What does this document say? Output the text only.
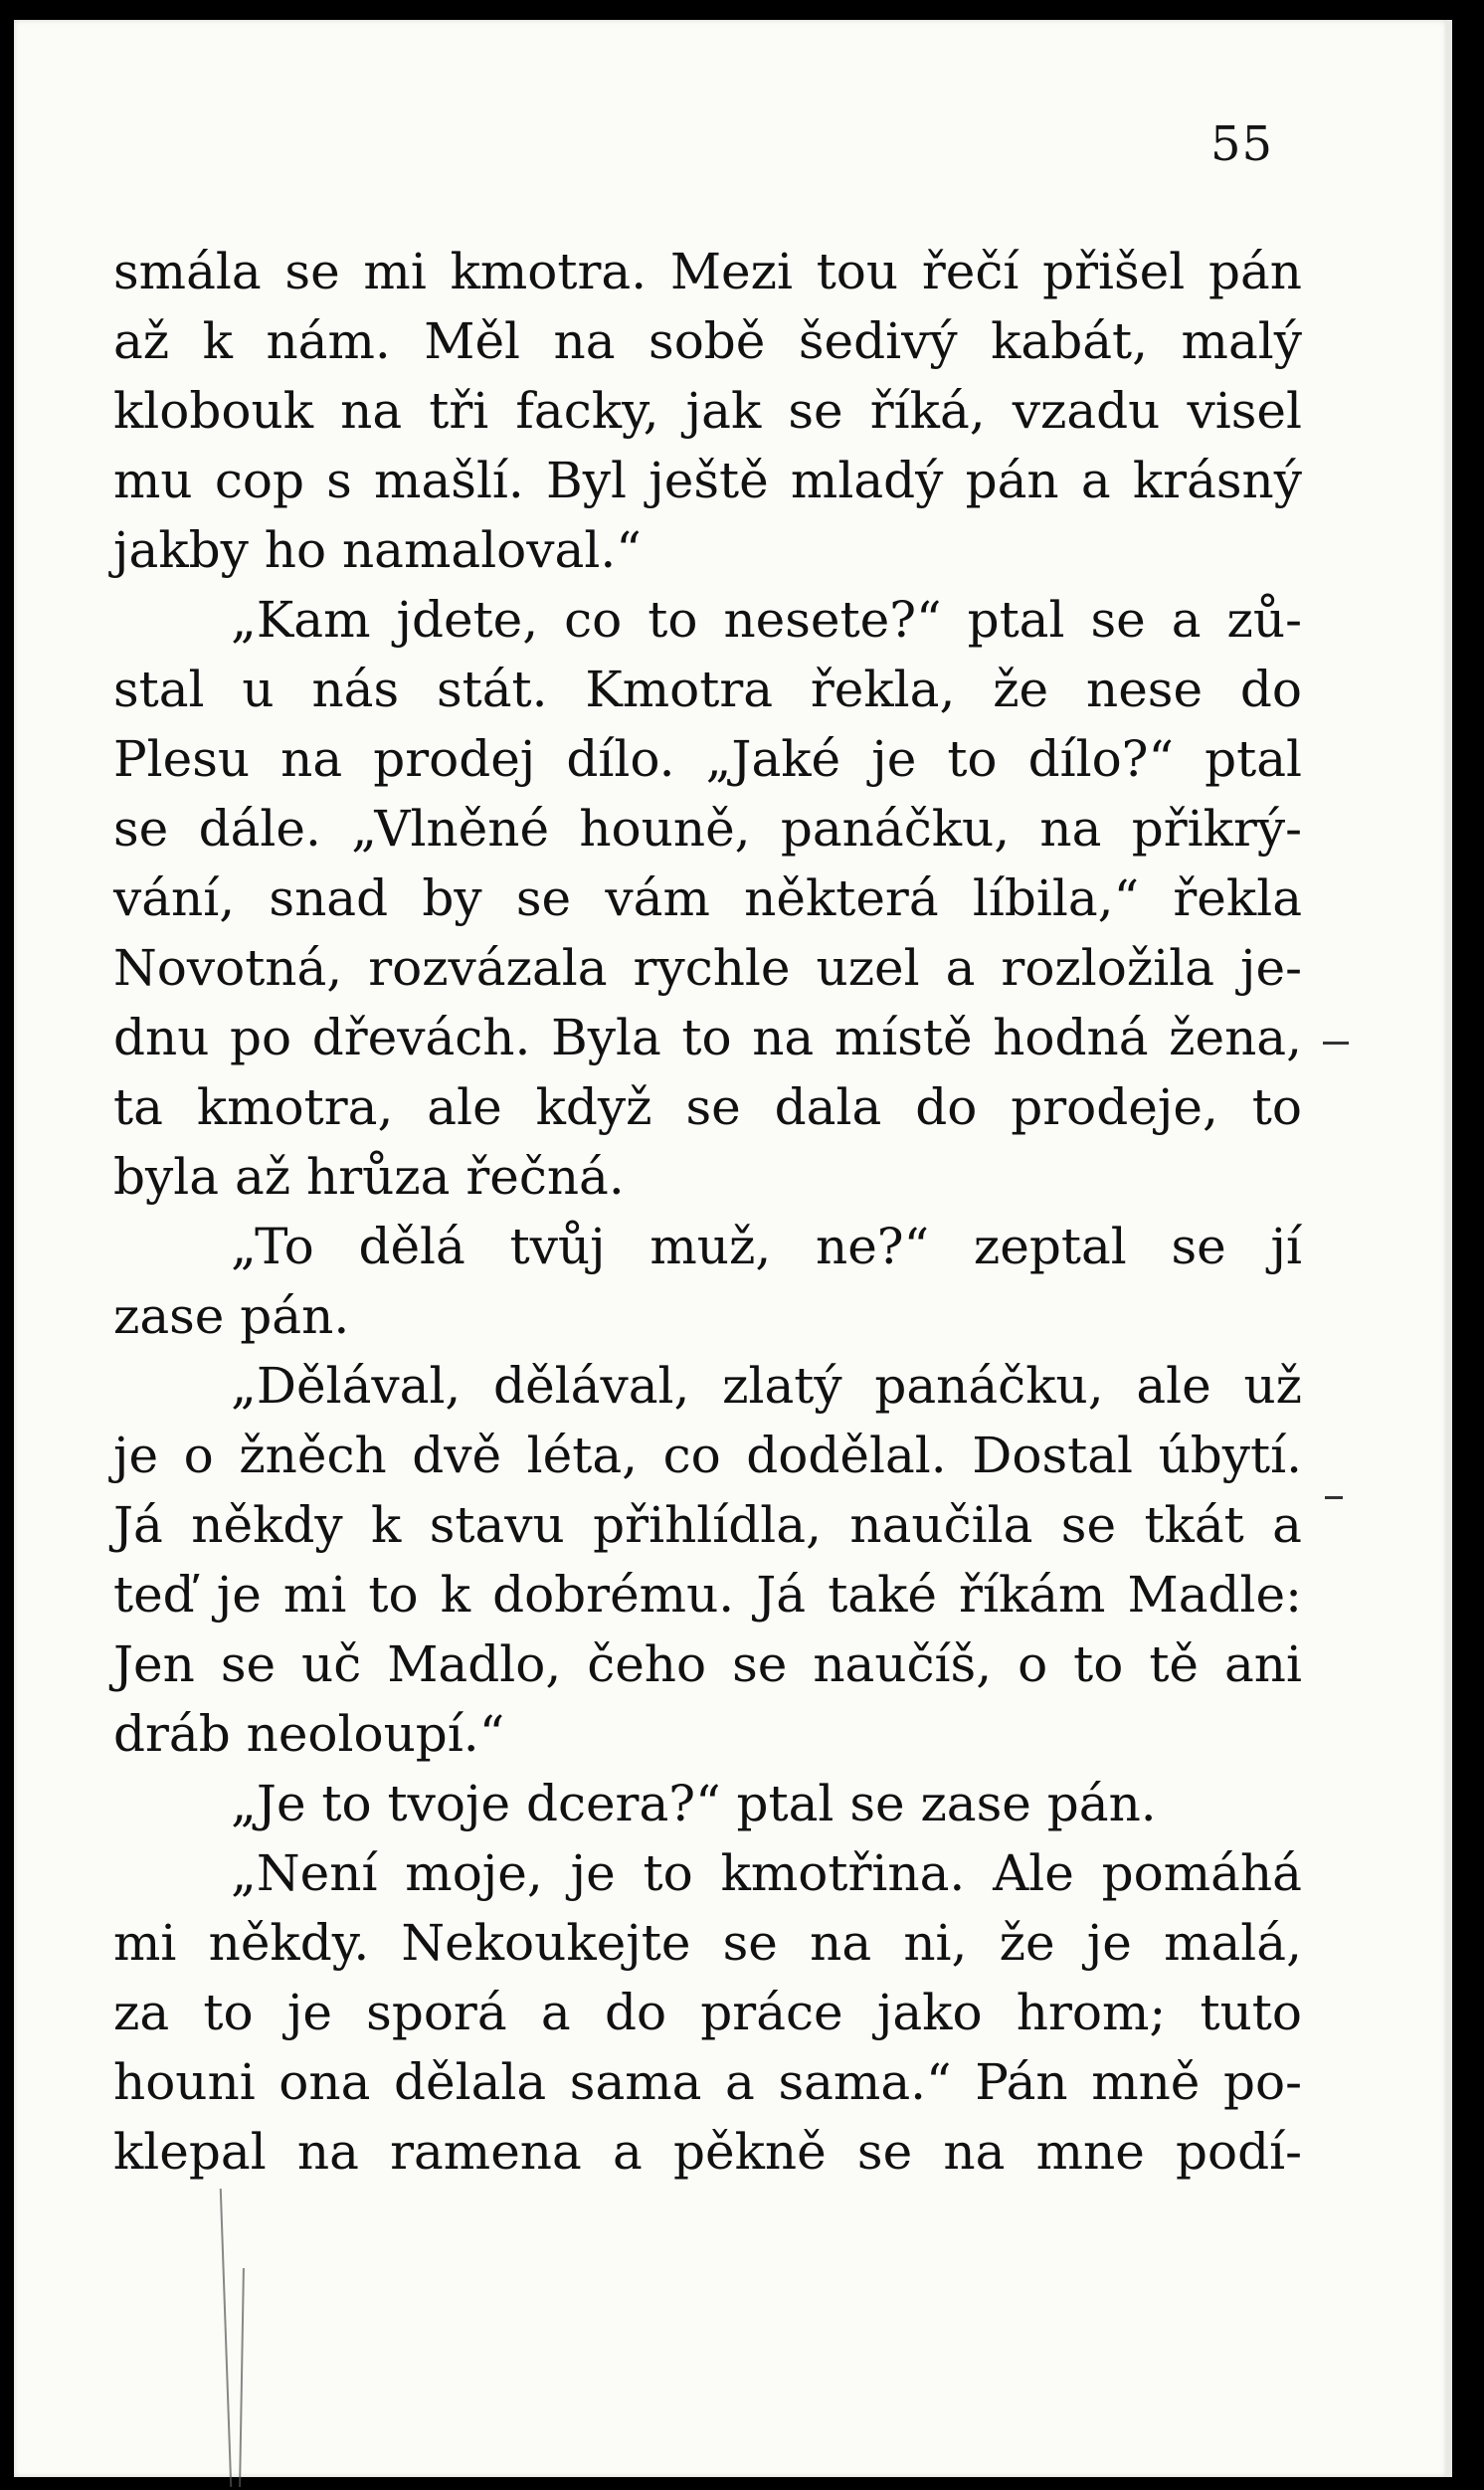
55
smála se mi kmotra. Mezi tou řečí přišel pán
až k nám. Měl na sobě šedivý kabát, malý
klobouk na tři facky, jak se říká, vzadu visel
mu cop s mašlí. Byl ještě mladý pán a krásný
jakby ho namaloval.“
„Kam jdete, co to nesete?“ ptal se a zů-
stal u nás stát. Kmotra řekla, že nese do
Plesu na prodej dílo. „Jaké je to dílo?“ ptal
se dále. „Vlněné houně, panáčku, na přikrý-
vání, snad by se vám některá líbila,“ řekla
Novotná, rozvázala rychle uzel a rozložila je-
dnu po dřevách. Byla to na místě hodná žena,
ta kmotra, ale když se dala do prodeje, to
byla až hrůza řečná.
„To dělá tvůj muž, ne?“ zeptal se jí
zase pán.
„Dělával, dělával, zlatý panáčku, ale už
je o žněch dvě léta, co dodělal. Dostal úbytí.
Já někdy k stavu přihlídla, naučila se tkát a
teď je mi to k dobrému. Já také říkám Madle:
Jen se uč Madlo, čeho se naučíš, o to tě ani
dráb neoloupí.“
„Je to tvoje dcera?“ ptal se zase pán.
„Není moje, je to kmotřina. Ale pomáhá
mi někdy. Nekoukejte se na ni, že je malá,
za to je sporá a do práce jako hrom; tuto
houni ona dělala sama a sama.“ Pán mně po-
klepal na ramena a pěkně se na mne podí-
